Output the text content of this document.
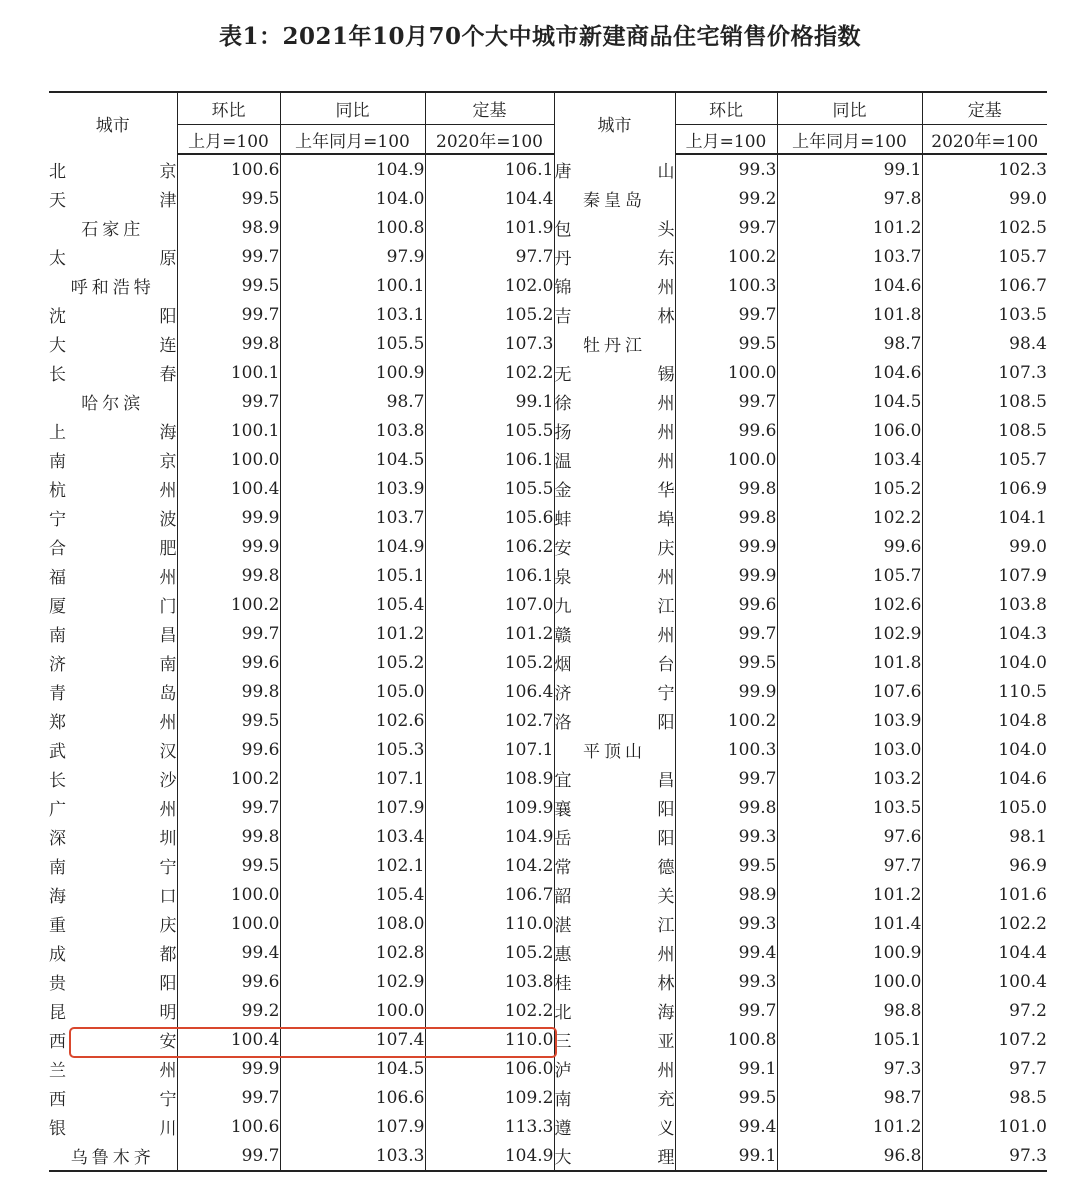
表1：2021年10月70个大中城市新建商品住宅销售价格指数
城市	环比	同比	定基	城市	环比	同比	定基
	上月=100	上年同月=100	2020年=100		上月=100	上年同月=100	2020年=100

北 京	100.6	104.9	106.1	唐 山	99.3	99.1	102.3

天 津	99.5	104.0	104.4	秦皇岛	99.2	97.8	99.0

石家庄	98.9	100.8	101.9	包 头	99.7	101.2	102.5

太 原	99.7	97.9	97.7	丹 东	100.2	103.7	105.7

呼和浩特	99.5	100.1	102.0	锦 州	100.3	104.6	106.7

沈 阳	99.7	103.1	105.2	吉 林	99.7	101.8	103.5

大 连	99.8	105.5	107.3	牡丹江	99.5	98.7	98.4

长 春	100.1	100.9	102.2	无 锡	100.0	104.6	107.3

哈尔滨	99.7	98.7	99.1	徐 州	99.7	104.5	108.5

上 海	100.1	103.8	105.5	扬 州	99.6	106.0	108.5

南 京	100.0	104.5	106.1	温 州	100.0	103.4	105.7

杭 州	100.4	103.9	105.5	金 华	99.8	105.2	106.9

宁 波	99.9	103.7	105.6	蚌 埠	99.8	102.2	104.1

合 肥	99.9	104.9	106.2	安 庆	99.9	99.6	99.0

福 州	99.8	105.1	106.1	泉 州	99.9	105.7	107.9

厦 门	100.2	105.4	107.0	九 江	99.6	102.6	103.8

南 昌	99.7	101.2	101.2	赣 州	99.7	102.9	104.3

济 南	99.6	105.2	105.2	烟 台	99.5	101.8	104.0

青 岛	99.8	105.0	106.4	济 宁	99.9	107.6	110.5

郑 州	99.5	102.6	102.7	洛 阳	100.2	103.9	104.8

武 汉	99.6	105.3	107.1	平顶山	100.3	103.0	104.0

长 沙	100.2	107.1	108.9	宜 昌	99.7	103.2	104.6

广 州	99.7	107.9	109.9	襄 阳	99.8	103.5	105.0

深 圳	99.8	103.4	104.9	岳 阳	99.3	97.6	98.1

南 宁	99.5	102.1	104.2	常 德	99.5	97.7	96.9

海 口	100.0	105.4	106.7	韶 关	98.9	101.2	101.6

重 庆	100.0	108.0	110.0	湛 江	99.3	101.4	102.2

成 都	99.4	102.8	105.2	惠 州	99.4	100.9	104.4

贵 阳	99.6	102.9	103.8	桂 林	99.3	100.0	100.4

昆 明	99.2	100.0	102.2	北 海	99.7	98.8	97.2

西 安	100.4	107.4	110.0	三 亚	100.8	105.1	107.2

兰 州	99.9	104.5	106.0	泸 州	99.1	97.3	97.7

西 宁	99.7	106.6	109.2	南 充	99.5	98.7	98.5

银 川	100.6	107.9	113.3	遵 义	99.4	101.2	101.0

乌鲁木齐	99.7	103.3	104.9	大 理	99.1	96.8	97.3
